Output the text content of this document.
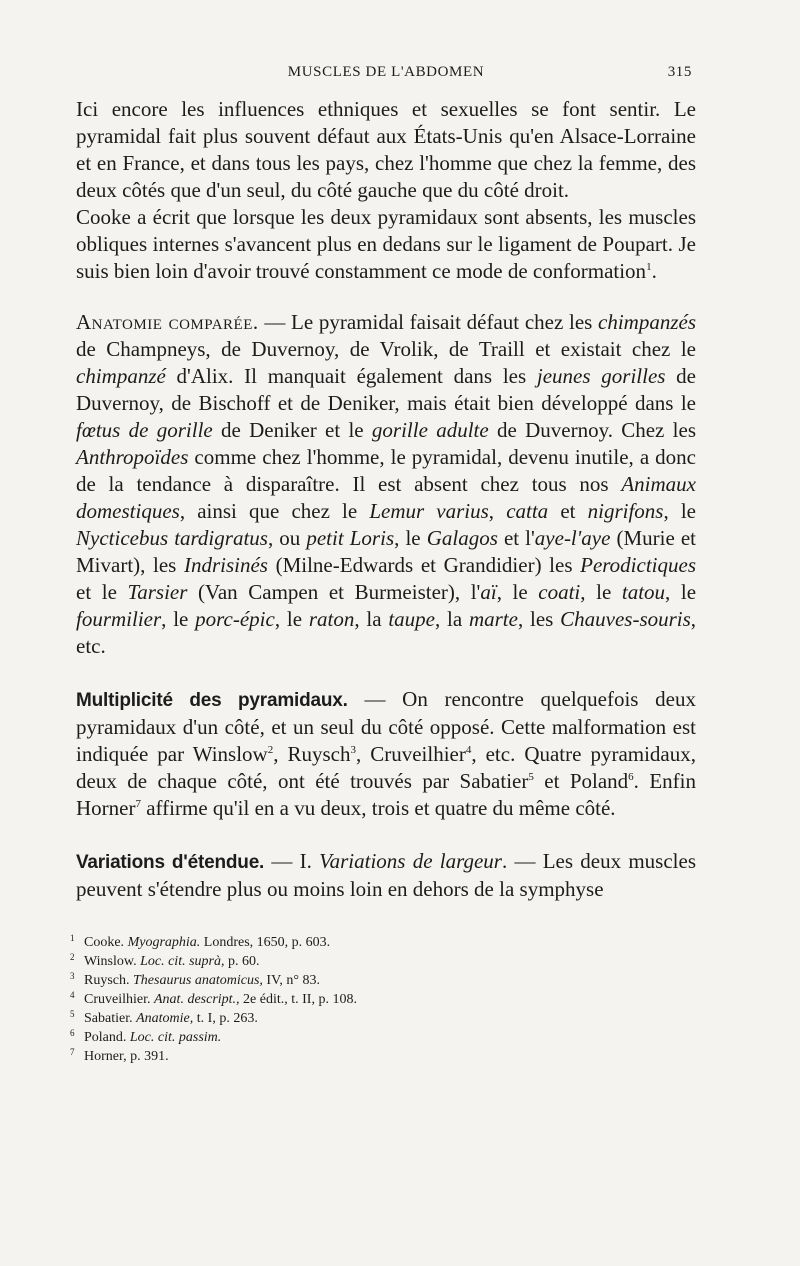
MUSCLES DE L'ABDOMEN	315

Ici encore les influences ethniques et sexuelles se font sentir. Le pyramidal fait plus souvent défaut aux États-Unis qu'en Alsace-Lorraine et en France, et dans tous les pays, chez l'homme que chez la femme, des deux côtés que d'un seul, du côté gauche que du côté droit.

Cooke a écrit que lorsque les deux pyramidaux sont absents, les muscles obliques internes s'avancent plus en dedans sur le ligament de Poupart. Je suis bien loin d'avoir trouvé constamment ce mode de conformation$^1$.

Anatomie comparée. — Le pyramidal faisait défaut chez les chimpanzés de Champneys, de Duvernoy, de Vrolik, de Traill et existait chez le chimpanzé d'Alix. Il manquait également dans les jeunes gorilles de Duvernoy, de Bischoff et de Deniker, mais était bien développé dans le fœtus de gorille de Deniker et le gorille adulte de Duvernoy. Chez les Anthropoïdes comme chez l'homme, le pyramidal, devenu inutile, a donc de la tendance à disparaître. Il est absent chez tous nos Animaux domestiques, ainsi que chez le Lemur varius, catta et nigrifons, le Nycticebus tardigratus, ou petit Loris, le Galagos et l'aye-l'aye (Murie et Mivart), les Indrisinés (Milne-Edwards et Grandidier) les Perodictiques et le Tarsier (Van Campen et Burmeister), l'aï, le coati, le tatou, le fourmilier, le porc-épic, le raton, la taupe, la marte, les Chauves-souris, etc.

Multiplicité des pyramidaux. — On rencontre quelquefois deux pyramidaux d'un côté, et un seul du côté opposé. Cette malformation est indiquée par Winslow$^2$, Ruysch$^3$, Cruveilhier$^4$, etc. Quatre pyramidaux, deux de chaque côté, ont été trouvés par Sabatier$^5$ et Poland$^6$. Enfin Horner$^7$ affirme qu'il en a vu deux, trois et quatre du même côté.

Variations d'étendue. — I. Variations de largeur. — Les deux muscles peuvent s'étendre plus ou moins loin en dehors de la symphyse

1 Cooke. Myographia. Londres, 1650, p. 603.
2 Winslow. Loc. cit. suprà, p. 60.
3 Ruysch. Thesaurus anatomicus, IV, n° 83.
4 Cruveilhier. Anat. descript., 2e édit., t. II, p. 108.
5 Sabatier. Anatomie, t. I, p. 263.
6 Poland. Loc. cit. passim.
7 Horner, p. 391.
